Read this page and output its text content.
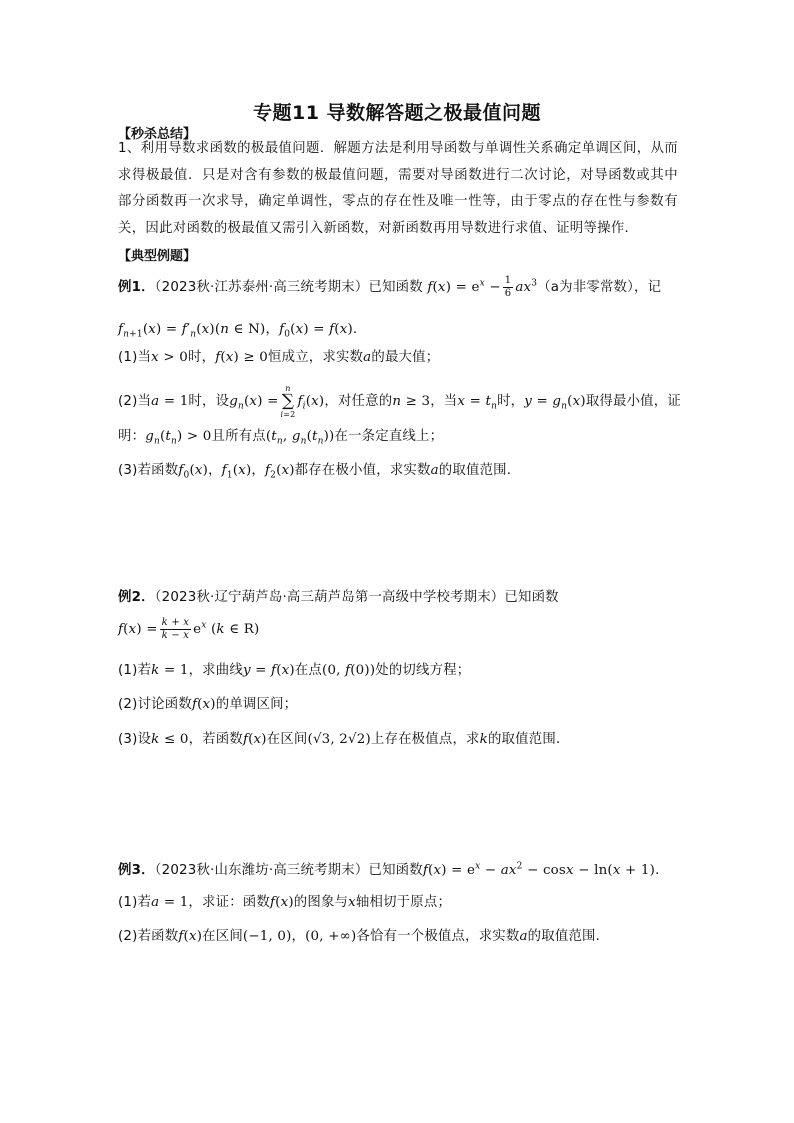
专题11 导数解答题之极最值问题
【秒杀总结】
1、利用导数求函数的极最值问题．解题方法是利用导函数与单调性关系确定单调区间，从而求得极最值．只是对含有参数的极最值问题，需要对导函数进行二次讨论，对导函数或其中部分函数再一次求导，确定单调性，零点的存在性及唯一性等，由于零点的存在性与参数有关，因此对函数的极最值又需引入新函数，对新函数再用导数进行求值、证明等操作．
【典型例题】
例1．（2023秋·江苏泰州·高三统考期末）已知函数 $f(x) = e^x - \frac{1}{6} ax^3(a$为非零常数），记
$f_{n+1}(x) = f'_n(x)(n$ ∈ N)，$f_0(x) = f(x)$.
(1)当x > 0时，f(x) ≥ 0恒成立，求实数a的最大值；
(2)当a = 1时，设$g_n(x) =n$
∑
$i=2f_i(x)$，对任意的n ≥ 3，当$x = t_n$时，$y = g_n(x)$取得最小值，证
明：$g_n(t_n) > 0$且所有点($t_n$, $g_n(t_n)$)在一条定直线上；
(3)若函数$f_0(x)$，$f_1(x)$，$f_2(x)$都存在极小值，求实数a的取值范围.
例2．（2023秋·辽宁葫芦岛·高三葫芦岛第一高级中学校考期末）已知函数
$f(x) = \frac{k + x}{k - x} e^x$ (k ∈ R)
(1)若k = 1，求曲线y = f(x)在点(0, f(0))处的切线方程；
(2)讨论函数f(x)的单调区间；
(3)设k ≤ 0，若函数f(x)在区间(√3, 2√2)上存在极值点，求k的取值范围.
例3．（2023秋·山东潍坊·高三统考期末）已知函数$f(x) = e^x - ax^2 - \cos x - \ln(x + 1)$.
(1)若a = 1，求证：函数f(x)的图象与x轴相切于原点；
(2)若函数f(x)在区间(−1, 0)，(0, +∞)各恰有一个极值点，求实数a的取值范围.
